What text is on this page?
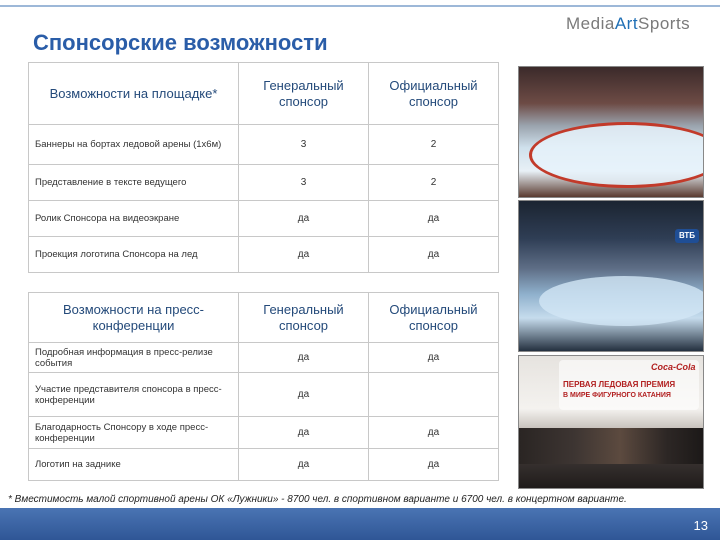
Спонсорские возможности
MediaArtSports
Возможности на площадке*	Генеральный спонсор	Официальный спонсор
Баннеры на бортах ледовой арены (1х6м)	3	2
Представление в тексте ведущего	3	2
Ролик Спонсора на видеоэкране	да	да
Проекция логотипа Спонсора на лед	да	да
Возможности на пресс-конференции	Генеральный спонсор	Официальный спонсор
Подробная информация в пресс-релизе события	да	да
Участие представителя спонсора в пресс-конференции	да	
Благодарность Спонсору в ходе пресс-конференции	да	да
Логотип на заднике	да	да
ВТБ
Coca-Cola
ПЕРВАЯ ЛЕДОВАЯ ПРЕМИЯ
В МИРЕ ФИГУРНОГО КАТАНИЯ
* Вместимость малой спортивной арены ОК «Лужники» - 8700 чел. в спортивном варианте и 6700 чел. в концертном варианте.
13
